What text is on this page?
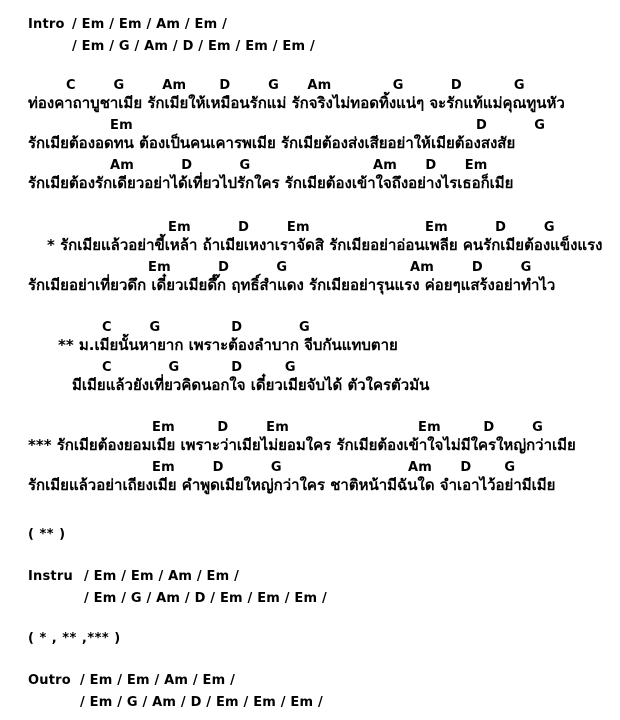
Intro / Em / Em / Am / Em /
/ Em / G / Am / D / Em / Em / Em /
C        G        Am       D        G      Am             G          D           G
ท่องคาถาบูชาเมีย รักเมียให้เหมือนรักแม่ รักจริงไม่ทอดทิ้งแน่ๆ จะรักแท้แม่คุณทูนหัว
Em	D          G
รักเมียต้องอดทน ต้องเป็นคนเคารพเมีย รักเมียต้องส่งเสียอย่าให้เมียต้องสงสัย
Am          D          G	Am      D      Em
รักเมียต้องรักเดียวอย่าได้เที่ยวไปรักใคร รักเมียต้องเข้าใจถึงอย่างไรเธอก็เมีย
Em          D        Em	Em          D        G
* รักเมียแล้วอย่าขี้เหล้า ถ้าเมียเหงาเราจัดสิ รักเมียอย่าอ่อนเพลีย คนรักเมียต้องแข็งแรง
Em          D          G	Am        D        G
รักเมียอย่าเที่ยวดึก เดี๋ยวเมียดึ๊ก ฤทธิ์สำแดง รักเมียอย่ารุนแรง ค่อยๆแสร้งอย่าทำไว
C        G               D            G
** ม.เมียนั้นหายาก เพราะต้องลำบาก จีบกันแทบตาย
C            G           D         G
มีเมียแล้วยังเที่ยวคิดนอกใจ เดี๋ยวเมียจับได้ ตัวใครตัวมัน
Em         D        Em	Em         D        G
*** รักเมียต้องยอมเมีย เพราะว่าเมียไม่ยอมใคร รักเมียต้องเข้าใจไม่มีใครใหญ่กว่าเมีย
Em        D          G	Am      D       G
รักเมียแล้วอย่าเถียงเมีย คำพูดเมียใหญ่กว่าใคร ชาติหน้ามีฉันใด จำเอาไว้อย่ามีเมีย
( ** )
Instru / Em / Em / Am / Em /
/ Em / G / Am / D / Em / Em / Em /
( * , ** ,*** )
Outro / Em / Em / Am / Em /
/ Em / G / Am / D / Em / Em / Em /
